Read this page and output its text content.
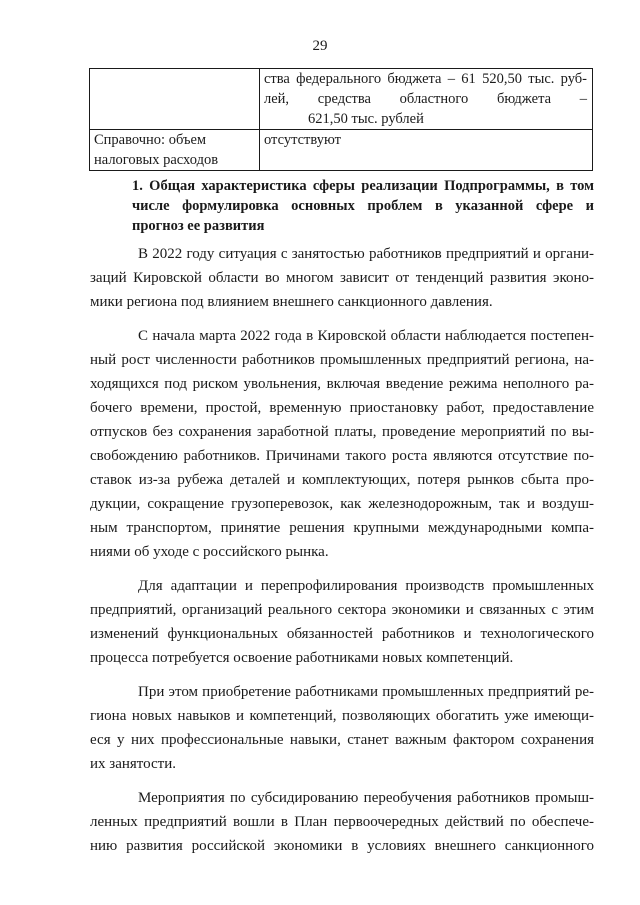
29

	ства федерального бюджета – 61 520,50 тыс. руб-
лей, средства областного бюджета –
621,50 тыс. рублей

Справочно: объем
налоговых расходов	отсутствуют
1. Общая характеристика сферы реализации Подпрограммы, в том
числе формулировка основных проблем в указанной сфере и
прогноз ее развития
В 2022 году ситуация с занятостью работников предприятий и органи-
заций Кировской области во многом зависит от тенденций развития эконо-
мики региона под влиянием внешнего санкционного давления.
С начала марта 2022 года в Кировской области наблюдается постепен-
ный рост численности работников промышленных предприятий региона, на-
ходящихся под риском увольнения, включая введение режима неполного ра-
бочего времени, простой, временную приостановку работ, предоставление
отпусков без сохранения заработной платы, проведение мероприятий по вы-
свобождению работников. Причинами такого роста являются отсутствие по-
ставок из-за рубежа деталей и комплектующих, потеря рынков сбыта про-
дукции, сокращение грузоперевозок, как железнодорожным, так и воздуш-
ным транспортом, принятие решения крупными международными компа-
ниями об уходе с российского рынка.
Для адаптации и перепрофилирования производств промышленных
предприятий, организаций реального сектора экономики и связанных с этим
изменений функциональных обязанностей работников и технологического
процесса потребуется освоение работниками новых компетенций.
При этом приобретение работниками промышленных предприятий ре-
гиона новых навыков и компетенций, позволяющих обогатить уже имеющи-
еся у них профессиональные навыки, станет важным фактором сохранения
их занятости.
Мероприятия по субсидированию переобучения работников промыш-
ленных предприятий вошли в План первоочередных действий по обеспече-
нию развития российской экономики в условиях внешнего санкционного
